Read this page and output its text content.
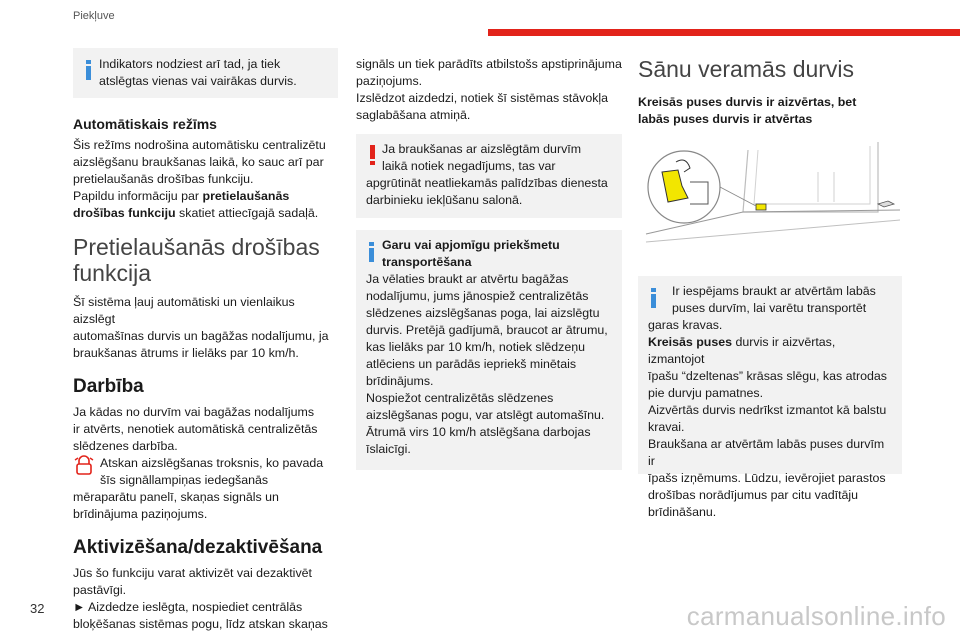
Piekļuve

Indikators nodziest arī tad, ja tiek

atslēgtas vienas vai vairākas durvis.

Automātiskais režīms

Šis režīms nodrošina automātisku centralizētu

aizslēgšanu braukšanas laikā, ko sauc arī par

pretielaušanās drošības funkciju.

Papildu informāciju par pretielaušanās

drošības funkciju skatiet attiecīgajā sadaļā.

Pretielaušanās drošības
funkcija

Šī sistēma ļauj automātiski un vienlaikus aizslēgt

automašīnas durvis un bagāžas nodalījumu, ja

braukšanas ātrums ir lielāks par 10 km/h.

Darbība

Ja kādas no durvīm vai bagāžas nodalījums

ir atvērts, nenotiek automātiskā centralizētās

slēdzenes darbība.

Atskan aizslēgšanas troksnis, ko pavada

šīs signāllampiņas iedegšanās

mēraparātu panelī, skaņas signāls un

brīdinājuma paziņojums.

Aktivizēšana/dezaktivēšana

Jūs šo funkciju varat aktivizēt vai dezaktivēt

pastāvīgi.

► Aizdedze ieslēgta, nospiediet centrālās

bloķēšanas sistēmas pogu, līdz atskan skaņas

signāls un tiek parādīts atbilstošs apstiprinājuma

paziņojums.

Izslēdzot aizdedzi, notiek šī sistēmas stāvokļa

saglabāšana atmiņā.

Ja braukšanas ar aizslēgtām durvīm

laikā notiek negadījums, tas var

apgrūtināt neatliekamās palīdzības dienesta

darbinieku iekļūšanu salonā.

Garu vai apjomīgu priekšmetu

transportēšana

Ja vēlaties braukt ar atvērtu bagāžas

nodalījumu, jums jānospiež centralizētās

slēdzenes aizslēgšanas poga, lai aizslēgtu

durvis. Pretējā gadījumā, braucot ar ātrumu,

kas lielāks par 10 km/h, notiek slēdzeņu

atlēciens un parādās iepriekš minētais

brīdinājums.

Nospiežot centralizētās slēdzenes

aizslēgšanas pogu, var atslēgt automašīnu.

Ātrumā virs 10 km/h atslēgšana darbojas

īslaicīgi.

Sānu veramās durvis
Kreisās puses durvis ir aizvērtas, bet
labās puses durvis ir atvērtas

Ir iespējams braukt ar atvērtām labās

puses durvīm, lai varētu transportēt

garas kravas.

Kreisās puses durvis ir aizvērtas, izmantojot

īpašu “dzeltenas” krāsas slēgu, kas atrodas

pie durvju pamatnes.

Aizvērtās durvis nedrīkst izmantot kā balstu

kravai.

Braukšana ar atvērtām labās puses durvīm ir

īpašs izņēmums. Lūdzu, ievērojiet parastos

drošības norādījumus par citu vadītāju

brīdināšanu.

32	carmanualsonline.info
